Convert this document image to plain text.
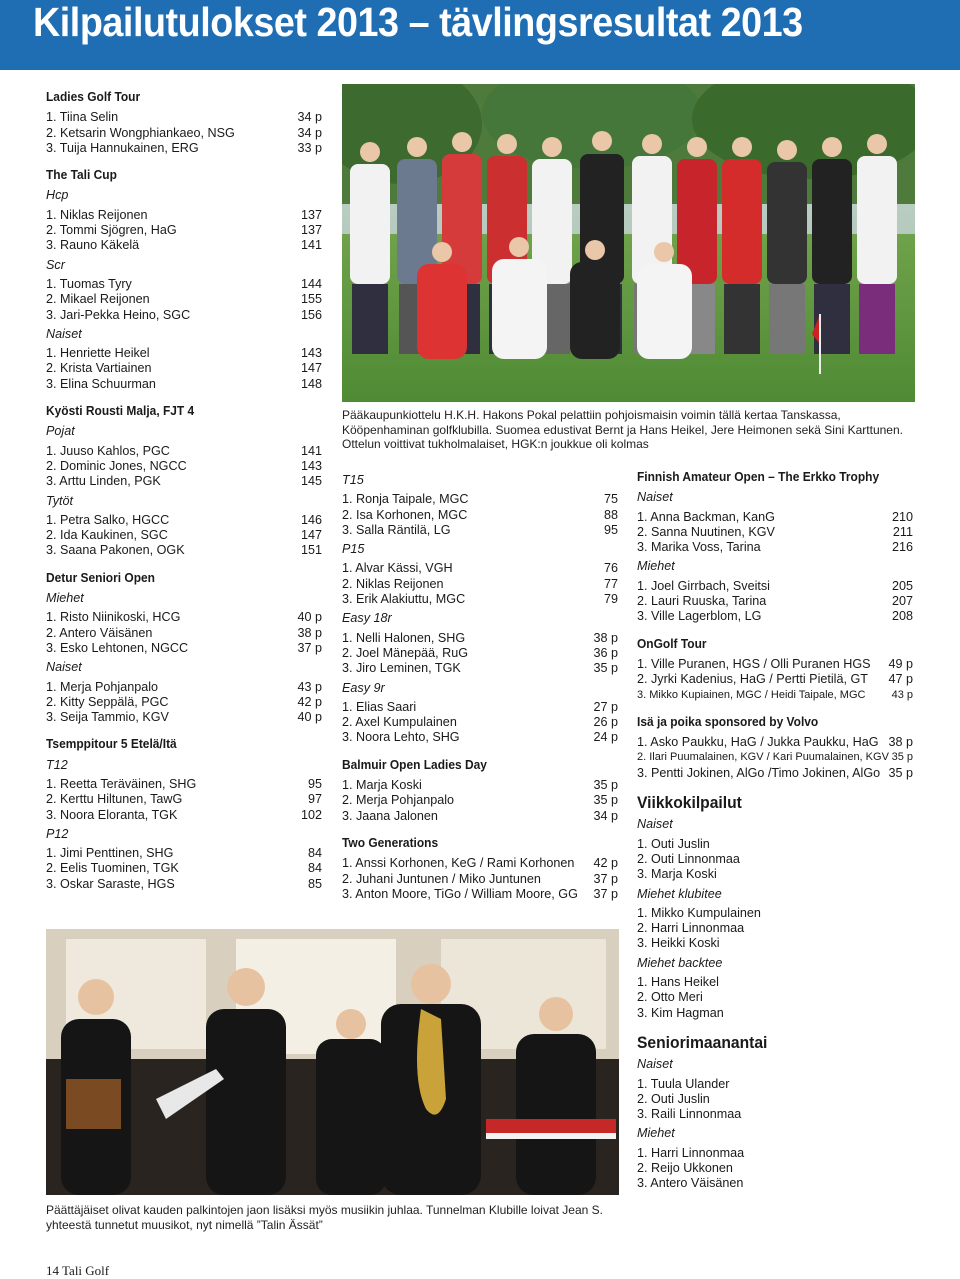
Kilpailutulokset 2013 – tävlingsresultat 2013
Ladies Golf Tour
1. Tiina Selin	34 p
2. Ketsarin Wongphiankaeo, NSG	34 p
3. Tuija Hannukainen, ERG	33 p
The Tali Cup
Hcp
1. Niklas Reijonen	137
2. Tommi Sjögren, HaG	137
3. Rauno Käkelä	141
Scr
1. Tuomas Tyry	144
2. Mikael Reijonen	155
3. Jari-Pekka Heino, SGC	156
Naiset
1. Henriette Heikel	143
2. Krista Vartiainen	147
3. Elina Schuurman	148
Kyösti Rousti Malja, FJT 4
Pojat
1. Juuso Kahlos, PGC	141
2. Dominic Jones, NGCC	143
3. Arttu Linden, PGK	145
Tytöt
1. Petra Salko, HGCC	146
2. Ida Kaukinen, SGC	147
3. Saana Pakonen, OGK	151
Detur Seniori Open
Miehet
1. Risto Niinikoski, HCG	40 p
2. Antero Väisänen	38 p
3. Esko Lehtonen, NGCC	37 p
Naiset
1. Merja Pohjanpalo	43 p
2. Kitty Seppälä, PGC	42 p
3. Seija Tammio, KGV	40 p
Tsemppitour 5 Etelä/Itä
T12
1. Reetta Teräväinen, SHG	95
2. Kerttu Hiltunen, TawG	97
3. Noora Eloranta, TGK	102
P12
1. Jimi Penttinen, SHG	84
2. Eelis Tuominen, TGK	84
3. Oskar Saraste, HGS	85
T15
1. Ronja Taipale, MGC	75
2. Isa Korhonen, MGC	88
3. Salla Räntilä, LG	95
P15
1. Alvar Kässi, VGH	76
2. Niklas Reijonen	77
3. Erik Alakiuttu, MGC	79
Easy 18r
1. Nelli Halonen, SHG	38 p
2. Joel Mänepää, RuG	36 p
3. Jiro Leminen, TGK	35 p
Easy 9r
1. Elias Saari	27 p
2. Axel Kumpulainen	26 p
3. Noora Lehto, SHG	24 p
Balmuir Open Ladies Day
1. Marja Koski	35 p
2. Merja Pohjanpalo	35 p
3. Jaana Jalonen	34 p
Two Generations
1. Anssi Korhonen, KeG / Rami Korhonen 42 p
2. Juhani Juntunen / Miko Juntunen	37 p
3. Anton Moore, TiGo / William Moore, GG 37 p
Finnish Amateur Open – The Erkko Trophy
Naiset
1. Anna Backman, KanG	210
2. Sanna Nuutinen, KGV	211
3. Marika Voss, Tarina	216
Miehet
1. Joel Girrbach, Sveitsi	205
2. Lauri Ruuska, Tarina	207
3. Ville Lagerblom, LG	208
OnGolf Tour
1. Ville Puranen, HGS / Olli Puranen HGS 49 p
2. Jyrki Kadenius, HaG / Pertti Pietilä, GT 47 p
3. Mikko Kupiainen, MGC / Heidi Taipale, MGC 43 p
Isä ja poika sponsored by Volvo
1. Asko Paukku, HaG / Jukka Paukku, HaG 38 p
2. Ilari Puumalainen, KGV / Kari Puumalainen, KGV 35 p
3. Pentti Jokinen, AlGo /Timo Jokinen, AlGo 35 p
Viikkokilpailut
Naiset
1. Outi Juslin
2. Outi Linnonmaa
3. Marja Koski
Miehet klubitee
1. Mikko Kumpulainen
2. Harri Linnonmaa
3. Heikki Koski
Miehet backtee
1. Hans Heikel
2. Otto Meri
3. Kim Hagman
Seniorimaanantai
Naiset
1. Tuula Ulander
2. Outi Juslin
3. Raili Linnonmaa
Miehet
1. Harri Linnonmaa
2. Reijo Ukkonen
3. Antero Väisänen
Pääkaupunkiottelu H.K.H. Hakons Pokal pelattiin pohjoismaisin voimin tällä kertaa Tanskassa, Kööpenhaminan golfklubilla. Suomea edustivat Bernt ja Hans Heikel, Jere Heimonen sekä Sini Karttunen. Ottelun voittivat tukholmalaiset, HGK:n joukkue oli kolmas
Päättäjäiset olivat kauden palkintojen jaon lisäksi myös musiikin juhlaa. Tunnelman Klubille loivat Jean S. yhteestä tunnetut muusikot, nyt nimellä ”Talin Ässät”
14 Tali Golf
